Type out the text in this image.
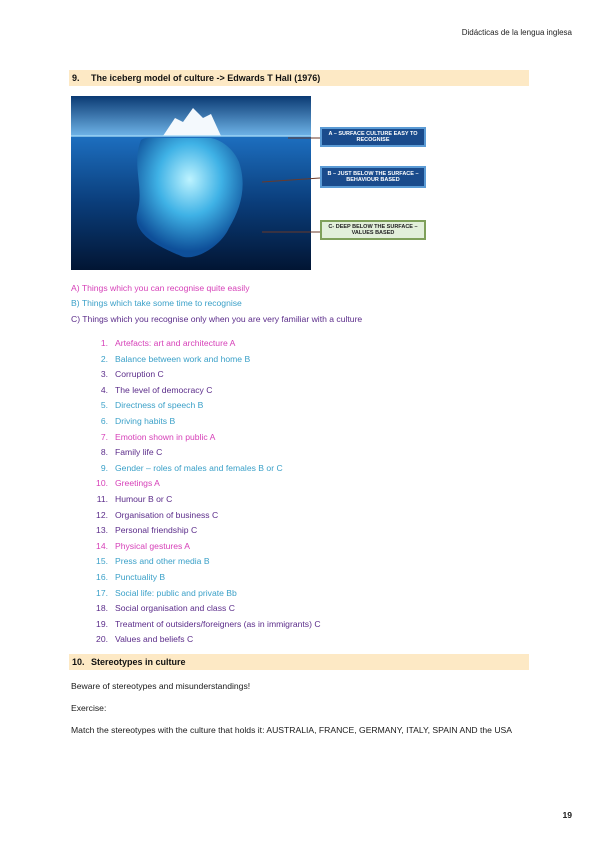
Didácticas de la lengua inglesa
9. The iceberg model of culture -> Edwards T Hall (1976)
A – SURFACE CULTURE EASY TO RECOGNISE
B – JUST BELOW THE SURFACE – BEHAVIOUR BASED
C- DEEP BELOW THE SURFACE – VALUES BASED
A) Things which you can recognise quite easily
B) Things which take some time to recognise
C) Things which you recognise only when you are very familiar with a culture
1. Artefacts: art and architecture A
2. Balance between work and home B
3. Corruption C
4. The level of democracy C
5. Directness of speech B
6. Driving habits B
7. Emotion shown in public A
8. Family life C
9. Gender – roles of males and females B or C
10. Greetings A
11. Humour B or C
12. Organisation of business C
13. Personal friendship C
14. Physical gestures A
15. Press and other media B
16. Punctuality B
17. Social life: public and private Bb
18. Social organisation and class C
19. Treatment of outsiders/foreigners (as in immigrants) C
20. Values and beliefs C
10. Stereotypes in culture
Beware of stereotypes and misunderstandings!
Exercise:
Match the stereotypes with the culture that holds it: AUSTRALIA, FRANCE, GERMANY, ITALY, SPAIN AND the USA
19
